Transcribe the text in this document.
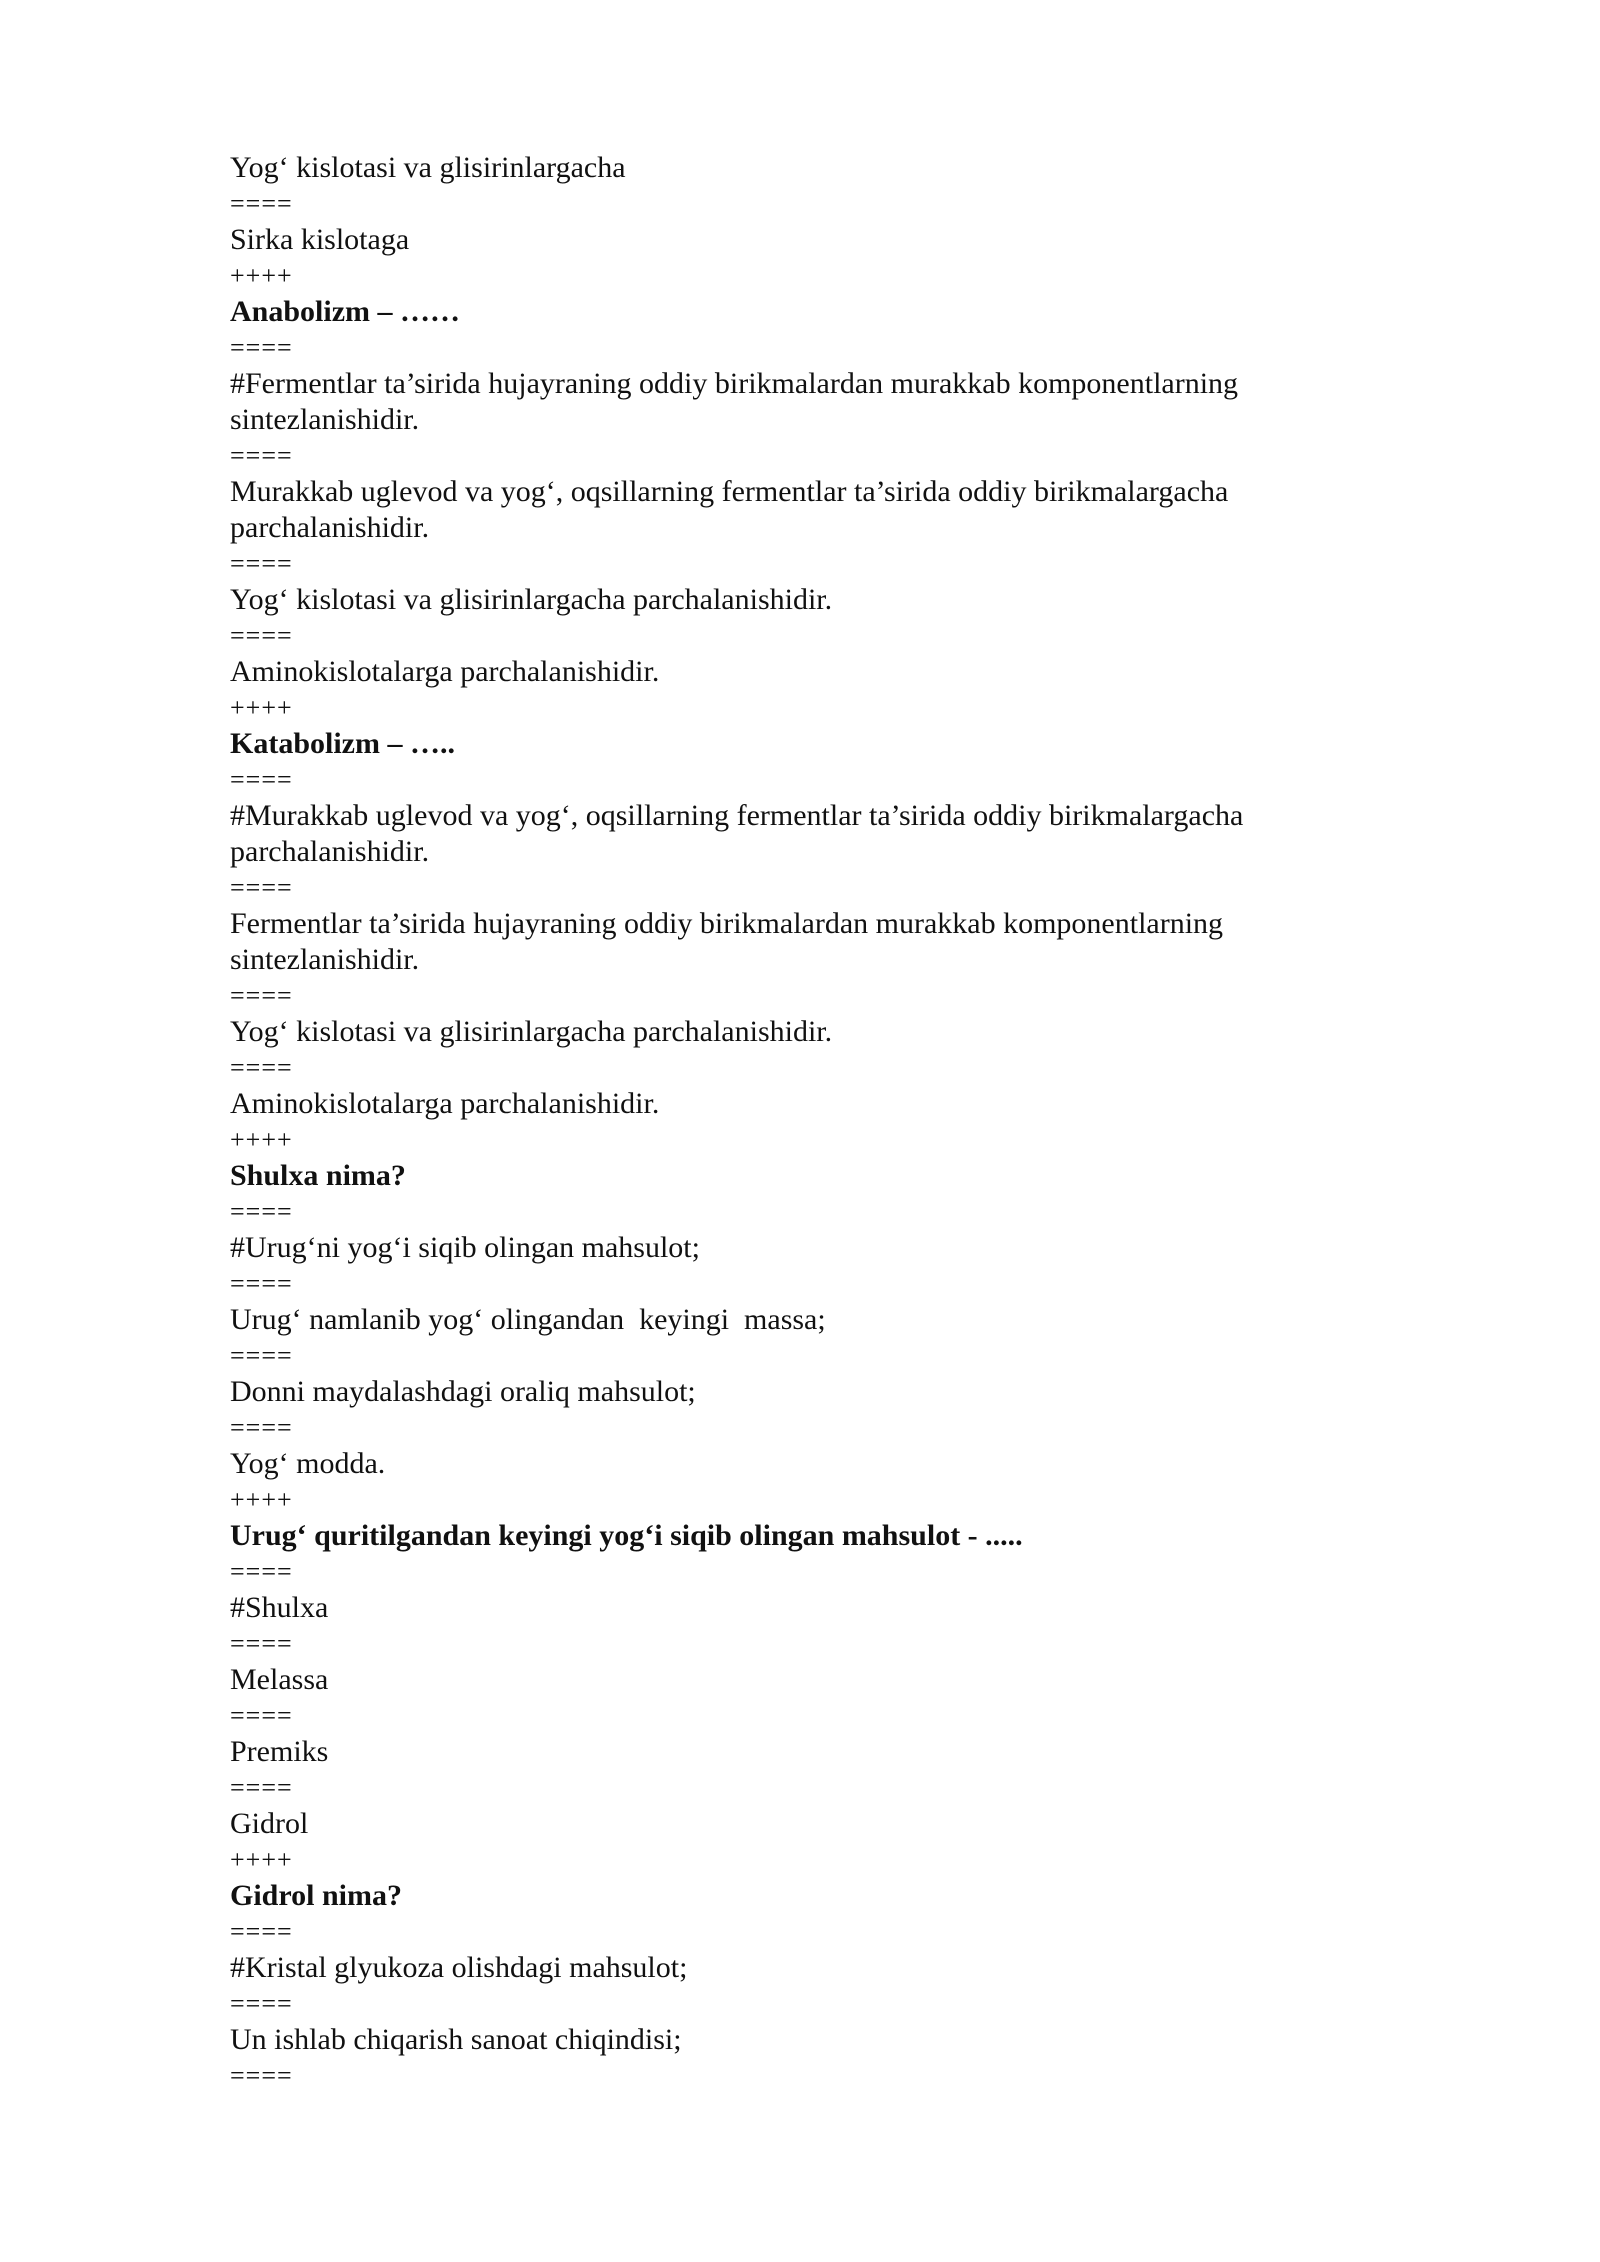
Yog‘ kislotasi va glisirinlargacha
====
Sirka kislotaga
++++
Anabolizm – ……
====
#Fermentlar ta’sirida hujayraning oddiy birikmalardan murakkab komponentlarning
sintezlanishidir.
====
Murakkab uglevod va yog‘, oqsillarning fermentlar ta’sirida oddiy birikmalargacha
parchalanishidir.
====
Yog‘ kislotasi va glisirinlargacha parchalanishidir.
====
Aminokislotalarga parchalanishidir.
++++
Katabolizm – …..
====
#Murakkab uglevod va yog‘, oqsillarning fermentlar ta’sirida oddiy birikmalargacha
parchalanishidir.
====
Fermentlar ta’sirida hujayraning oddiy birikmalardan murakkab komponentlarning
sintezlanishidir.
====
Yog‘ kislotasi va glisirinlargacha parchalanishidir.
====
Aminokislotalarga parchalanishidir.
++++
Shulxa nima?
====
#Urug‘ni yog‘i siqib olingan mahsulot;
====
Urug‘ namlanib yog‘ olingandan  keyingi  massa;
====
Donni maydalashdagi oraliq mahsulot;
====
Yog‘ modda.
++++
Urug‘ quritilgandan keyingi yog‘i siqib olingan mahsulot - .....
====
#Shulxa
====
Melassa
====
Premiks
====
Gidrol
++++
Gidrol nima?
====
#Kristal glyukoza olishdagi mahsulot;
====
Un ishlab chiqarish sanoat chiqindisi;
====
